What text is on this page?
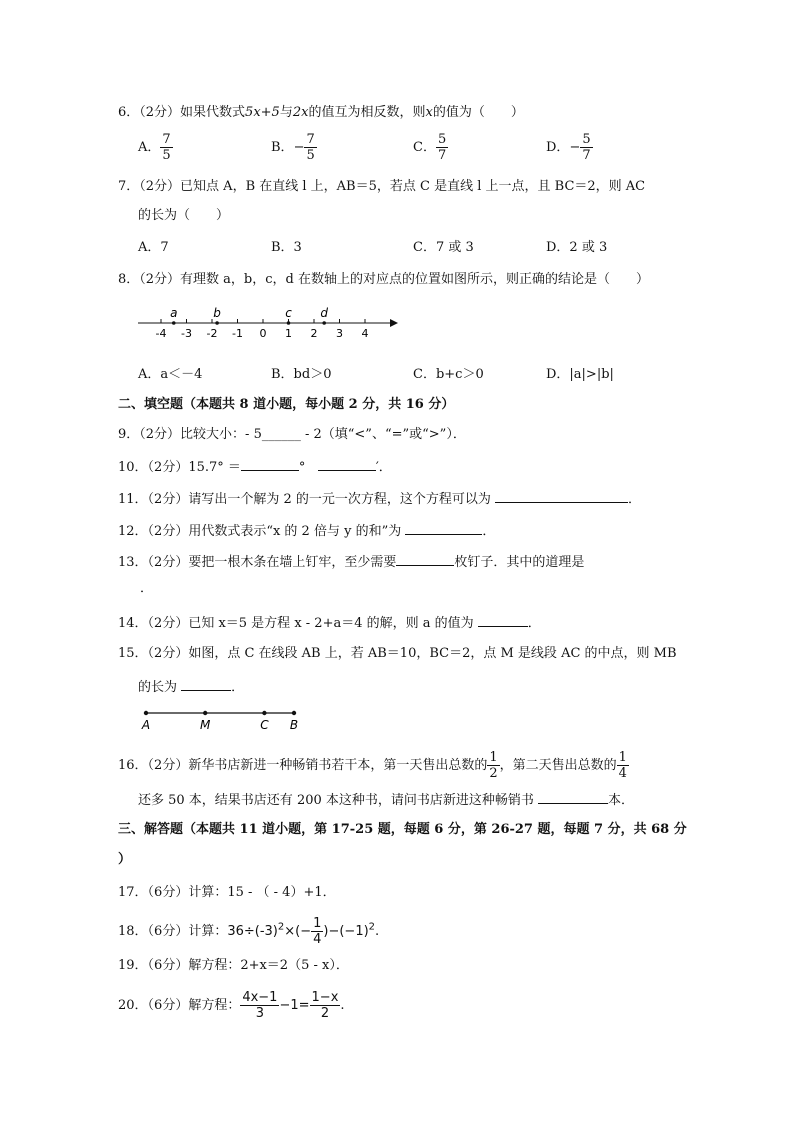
6．（2分）如果代数式5x+5与2x的值互为相反数，则x的值为（　　）
A． $\frac{7}{5}$	B．− $\frac{7}{5}$	C． $\frac{5}{7}$	D．− $\frac{5}{7}$
7．（2分）已知点 A，B 在直线 l 上，AB＝5，若点 C 是直线 l 上一点，且 BC＝2，则 AC
的长为（　　）
A．7	B．3	C．7 或 3	D．2 或 3
8．（2分）有理数 a，b，c，d 在数轴上的对应点的位置如图所示，则正确的结论是（　　）
-4 -3 -2 -1 0 1 2 3 4
a	b	c d
A．a＜－4	B．bd＞0	C．b+c＞0	D．|a|>|b|
二、填空题（本题共 8 道小题，每小题 2 分，共 16 分）
9．（2分）比较大小：- 5______ - 2（填“<”、“=”或“>”）．
10．（2分）15.7° ＝	°	′．
11．（2分）请写出一个解为 2 的一元一次方程，这个方程可以为	．
12．（2分）用代数式表示“x 的 2 倍与 y 的和”为	．
13．（2分）要把一根木条在墙上钉牢，至少需要	枚钉子．其中的道理是
．
14．（2分）已知 x＝5 是方程 x - 2+a＝4 的解，则 a 的值为	．
15．（2分）如图，点 C 在线段 AB 上，若 AB＝10，BC＝2，点 M 是线段 AC 的中点，则 MB
的长为	．
A	M	C B
16．（2分）新华书店新进一种畅销书若干本，第一天售出总数的 $\frac{1}{2}$ ，第二天售出总数的 $\frac{1}{4}$
还多 50 本，结果书店还有 200 本这种书，请问书店新进这种畅销书	本．
三、解答题（本题共 11 道小题，第 17-25 题，每题 6 分，第 26-27 题，每题 7 分，共 68 分
）
17．（6分）计算：15 - （ - 4）+1．
18．（6分）计算：$36\div(-3)^2\times(- \frac{1}{4} )-(-1)^2$.
19．（6分）解方程：2+x＝2（5 - x）．
20．（6分）解方程： $\frac{4x-1}{3} -1= \frac{1-x}{2}$ .
